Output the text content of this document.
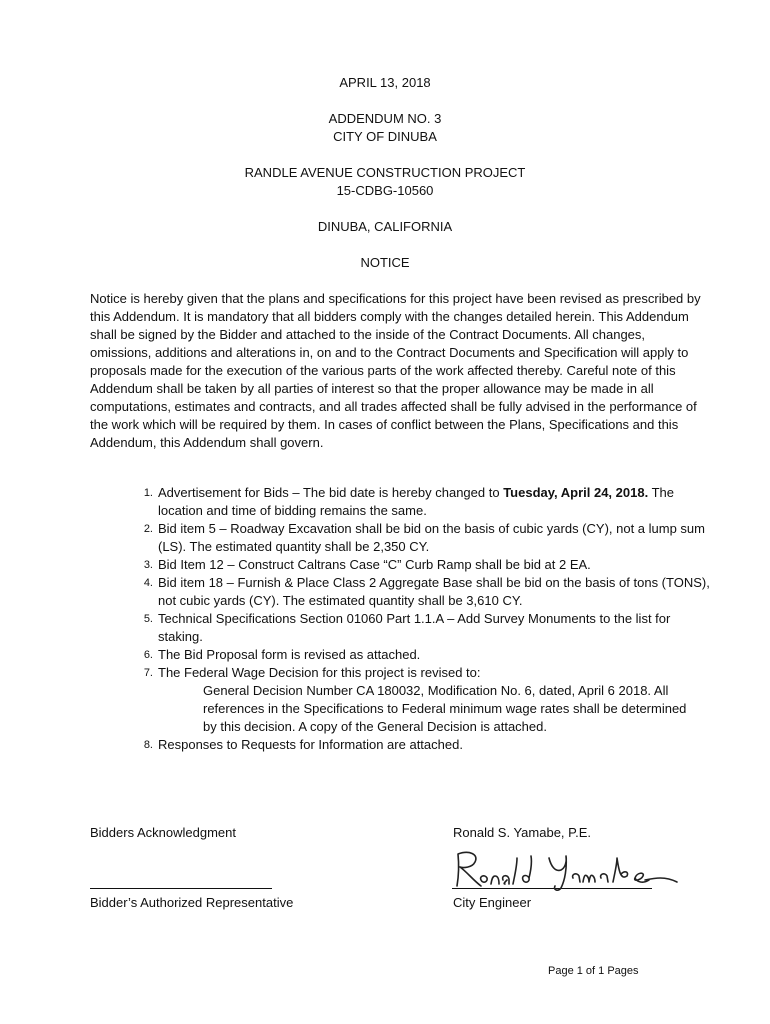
APRIL 13, 2018
ADDENDUM NO. 3
CITY OF DINUBA
RANDLE AVENUE CONSTRUCTION PROJECT
15-CDBG-10560
DINUBA, CALIFORNIA
NOTICE
Notice is hereby given that the plans and specifications for this project have been revised as prescribed by
this Addendum. It is mandatory that all bidders comply with the changes detailed herein. This Addendum
shall be signed by the Bidder and attached to the inside of the Contract Documents. All changes,
omissions, additions and alterations in, on and to the Contract Documents and Specification will apply to
proposals made for the execution of the various parts of the work affected thereby. Careful note of this
Addendum shall be taken by all parties of interest so that the proper allowance may be made in all
computations, estimates and contracts, and all trades affected shall be fully advised in the performance of
the work which will be required by them. In cases of conflict between the Plans, Specifications and this
Addendum, this Addendum shall govern.
1. Advertisement for Bids – The bid date is hereby changed to Tuesday, April 24, 2018. The
location and time of bidding remains the same.
2. Bid item 5 – Roadway Excavation shall be bid on the basis of cubic yards (CY), not a lump sum
(LS). The estimated quantity shall be 2,350 CY.
3. Bid Item 12 – Construct Caltrans Case “C” Curb Ramp shall be bid at 2 EA.
4. Bid item 18 – Furnish & Place Class 2 Aggregate Base shall be bid on the basis of tons (TONS),
not cubic yards (CY). The estimated quantity shall be 3,610 CY.
5. Technical Specifications Section 01060 Part 1.1.A – Add Survey Monuments to the list for
staking.
6. The Bid Proposal form is revised as attached.
7. The Federal Wage Decision for this project is revised to:
General Decision Number CA 180032, Modification No. 6, dated, April 6 2018. All
references in the Specifications to Federal minimum wage rates shall be determined
by this decision. A copy of the General Decision is attached.
8. Responses to Requests for Information are attached.
Bidders Acknowledgment	Ronald S. Yamabe, P.E.
Bidder’s Authorized Representative	City Engineer
Page 1 of 1 Pages
